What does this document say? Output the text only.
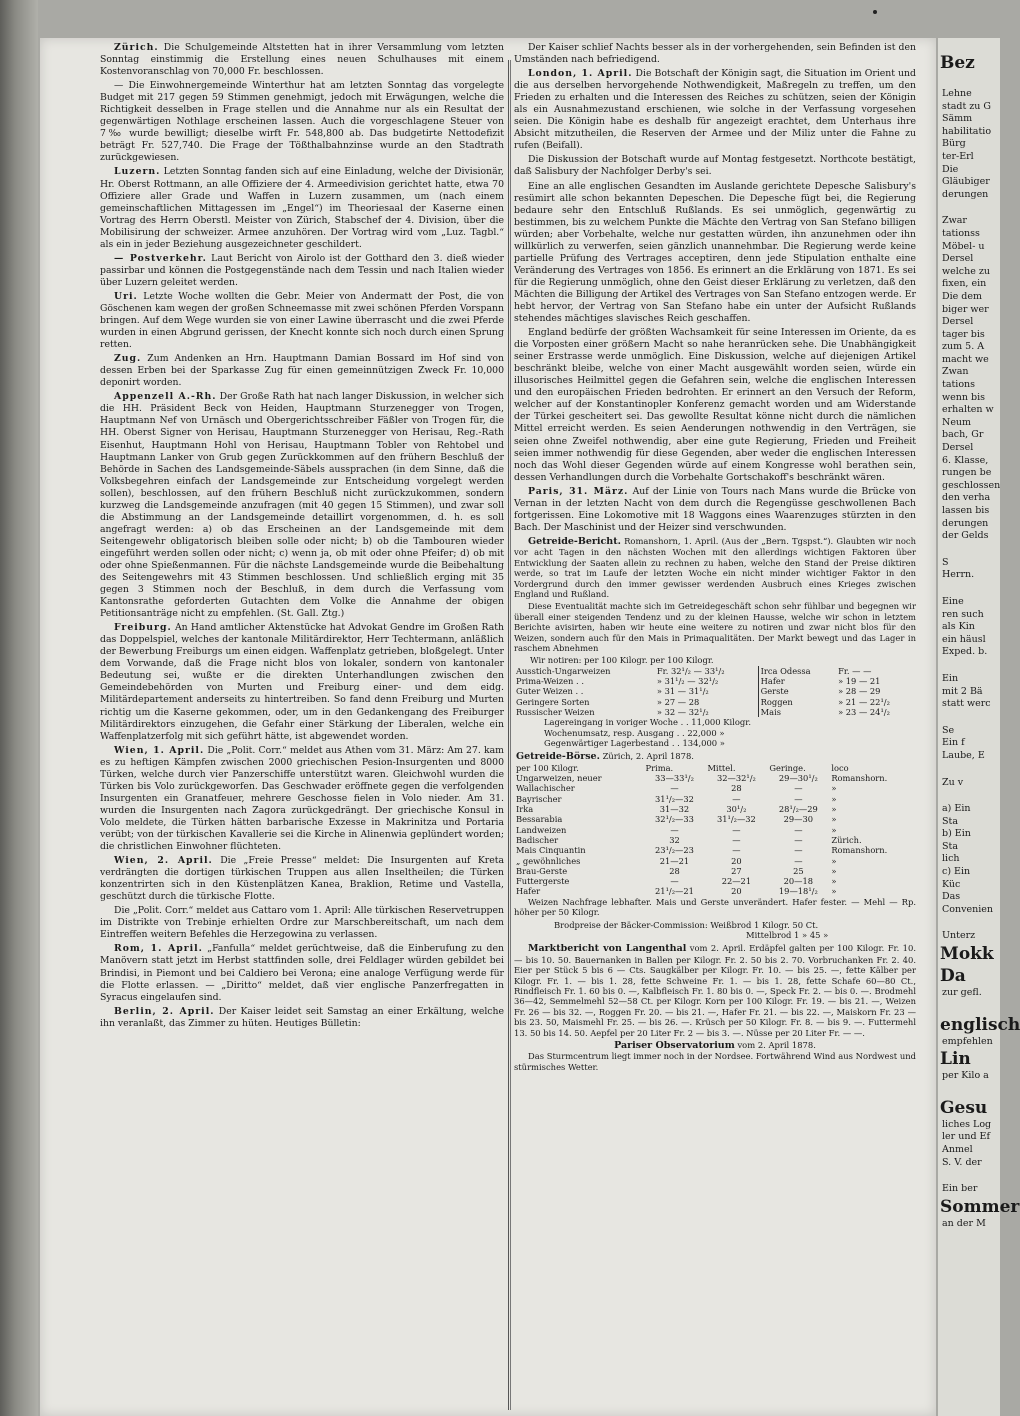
Zürich. Die Schulgemeinde Altstetten hat in ihrer Versammlung vom letzten Sonntag einstimmig die Erstellung eines neuen Schulhauses mit einem Kostenvoranschlag von 70,000 Fr. beschlossen.

— Die Einwohnergemeinde Winterthur hat am letzten Sonntag das vorgelegte Budget mit 217 gegen 59 Stimmen genehmigt, jedoch mit Erwägungen, welche die Richtigkeit desselben in Frage stellen und die Annahme nur als ein Resultat der gegenwärtigen Nothlage erscheinen lassen. Auch die vorgeschlagene Steuer von 7‰ wurde bewilligt; dieselbe wirft Fr. 548,800 ab. Das budgetirte Nettodefizit beträgt Fr. 527,740. Die Frage der Tößthalbahnzinse wurde an den Stadtrath zurückgewiesen.

Luzern. Letzten Sonntag fanden sich auf eine Einladung, welche der Divisionär, Hr. Oberst Rottmann, an alle Offiziere der 4. Armeedivision gerichtet hatte, etwa 70 Offiziere aller Grade und Waffen in Luzern zusammen, um (nach einem gemeinschaftlichen Mittagessen im „Engel“) im Theoriesaal der Kaserne einen Vortrag des Herrn Oberstl. Meister von Zürich, Stabschef der 4. Division, über die Mobilisirung der schweizer. Armee anzuhören. Der Vortrag wird vom „Luz. Tagbl.“ als ein in jeder Beziehung ausgezeichneter geschildert.

— Postverkehr. Laut Bericht von Airolo ist der Gotthard den 3. dieß wieder passirbar und können die Postgegenstände nach dem Tessin und nach Italien wieder über Luzern geleitet werden.

Uri. Letzte Woche wollten die Gebr. Meier von Andermatt der Post, die von Göschenen kam wegen der großen Schneemasse mit zwei schönen Pferden Vorspann bringen. Auf dem Wege wurden sie von einer Lawine überrascht und die zwei Pferde wurden in einen Abgrund gerissen, der Knecht konnte sich noch durch einen Sprung retten.

Zug. Zum Andenken an Hrn. Hauptmann Damian Bossard im Hof sind von dessen Erben bei der Sparkasse Zug für einen gemeinnützigen Zweck Fr. 10,000 deponirt worden.

Appenzell A.-Rh. Der Große Rath hat nach langer Diskussion, in welcher sich die HH. Präsident Beck von Heiden, Hauptmann Sturzenegger von Trogen, Hauptmann Nef von Urnäsch und Obergerichtsschreiber Fäßler von Trogen für, die HH. Oberst Signer von Herisau, Hauptmann Sturzenegger von Herisau, Reg.-Rath Eisenhut, Hauptmann Hohl von Herisau, Hauptmann Tobler von Rehtobel und Hauptmann Lanker von Grub gegen Zurückkommen auf den frühern Beschluß der Behörde in Sachen des Landsgemeinde-Säbels aussprachen (in dem Sinne, daß die Volksbegehren einfach der Landsgemeinde zur Entscheidung vorgelegt werden sollen), beschlossen, auf den frühern Beschluß nicht zurückzukommen, sondern kurzweg die Landsgemeinde anzufragen (mit 40 gegen 15 Stimmen), und zwar soll die Abstimmung an der Landsgemeinde detaillirt vorgenommen, d. h. es soll angefragt werden: a) ob das Erscheinen an der Landsgemeinde mit dem Seitengewehr obligatorisch bleiben solle oder nicht; b) ob die Tambouren wieder eingeführt werden sollen oder nicht; c) wenn ja, ob mit oder ohne Pfeifer; d) ob mit oder ohne Spießenmannen. Für die nächste Landsgemeinde wurde die Beibehaltung des Seitengewehrs mit 43 Stimmen beschlossen. Und schließlich erging mit 35 gegen 3 Stimmen noch der Beschluß, in dem durch die Verfassung vom Kantonsrathe geforderten Gutachten dem Volke die Annahme der obigen Petitionsanträge nicht zu empfehlen. (St. Gall. Ztg.)

Freiburg. An Hand amtlicher Aktenstücke hat Advokat Gendre im Großen Rath das Doppelspiel, welches der kantonale Militärdirektor, Herr Techtermann, anläßlich der Bewerbung Freiburgs um einen eidgen. Waffenplatz getrieben, bloßgelegt. Unter dem Vorwande, daß die Frage nicht blos von lokaler, sondern von kantonaler Bedeutung sei, wußte er die direkten Unterhandlungen zwischen den Gemeindebehörden von Murten und Freiburg einer- und dem eidg. Militärdepartement anderseits zu hintertreiben. So fand denn Freiburg und Murten richtig um die Kaserne gekommen, oder, um in den Gedankengang des Freiburger Militärdirektors einzugehen, die Gefahr einer Stärkung der Liberalen, welche ein Waffenplatzerfolg mit sich geführt hätte, ist abgewendet worden.

Wien, 1. April. Die „Polit. Corr.“ meldet aus Athen vom 31. März: Am 27. kam es zu heftigen Kämpfen zwischen 2000 griechischen Pesion-Insurgenten und 8000 Türken, welche durch vier Panzerschiffe unterstützt waren. Gleichwohl wurden die Türken bis Volo zurückgeworfen. Das Geschwader eröffnete gegen die verfolgenden Insurgenten ein Granatfeuer, mehrere Geschosse fielen in Volo nieder. Am 31. wurden die Insurgenten nach Zagora zurückgedrängt. Der griechische Konsul in Volo meldete, die Türken hätten barbarische Exzesse in Makrinitza und Portaria verübt; von der türkischen Kavallerie sei die Kirche in Alinenwia geplündert worden; die christlichen Einwohner flüchteten.

Wien, 2. April. Die „Freie Presse“ meldet: Die Insurgenten auf Kreta verdrängten die dortigen türkischen Truppen aus allen Inseltheilen; die Türken konzentrirten sich in den Küstenplätzen Kanea, Braklion, Retime und Vastella, geschützt durch die türkische Flotte.

Die „Polit. Corr.“ meldet aus Cattaro vom 1. April: Alle türkischen Reservetruppen im Distrikte von Trebinje erhielten Ordre zur Marschbereitschaft, um nach dem Eintreffen weitern Befehles die Herzegowina zu verlassen.

Rom, 1. April. „Fanfulla“ meldet gerüchtweise, daß die Einberufung zu den Manövern statt jetzt im Herbst stattfinden solle, drei Feldlager würden gebildet bei Brindisi, in Piemont und bei Caldiero bei Verona; eine analoge Verfügung werde für die Flotte erlassen. — „Diritto“ meldet, daß vier englische Panzerfregatten in Syracus eingelaufen sind.

Berlin, 2. April. Der Kaiser leidet seit Samstag an einer Erkältung, welche ihn veranlaßt, das Zimmer zu hüten. Heutiges Bülletin:

Der Kaiser schlief Nachts besser als in der vorhergehenden, sein Befinden ist den Umständen nach befriedigend.

London, 1. April. Die Botschaft der Königin sagt, die Situation im Orient und die aus derselben hervorgehende Nothwendigkeit, Maßregeln zu treffen, um den Frieden zu erhalten und die Interessen des Reiches zu schützen, seien der Königin als ein Ausnahmezustand erschienen, wie solche in der Verfassung vorgesehen seien. Die Königin habe es deshalb für angezeigt erachtet, dem Unterhaus ihre Absicht mitzutheilen, die Reserven der Armee und der Miliz unter die Fahne zu rufen (Beifall).

Die Diskussion der Botschaft wurde auf Montag festgesetzt. Northcote bestätigt, daß Salisbury der Nachfolger Derby's sei.

Eine an alle englischen Gesandten im Auslande gerichtete Depesche Salisbury's resümirt alle schon bekannten Depeschen. Die Depesche fügt bei, die Regierung bedaure sehr den Entschluß Rußlands. Es sei unmöglich, gegenwärtig zu bestimmen, bis zu welchem Punkte die Mächte den Vertrag von San Stefano billigen würden; aber Vorbehalte, welche nur gestatten würden, ihn anzunehmen oder ihn willkürlich zu verwerfen, seien gänzlich unannehmbar. Die Regierung werde keine partielle Prüfung des Vertrages acceptiren, denn jede Stipulation enthalte eine Veränderung des Vertrages von 1856. Es erinnert an die Erklärung von 1871. Es sei für die Regierung unmöglich, ohne den Geist dieser Erklärung zu verletzen, daß den Mächten die Billigung der Artikel des Vertrages von San Stefano entzogen werde. Er hebt hervor, der Vertrag von San Stefano habe ein unter der Aufsicht Rußlands stehendes mächtiges slavisches Reich geschaffen.

England bedürfe der größten Wachsamkeit für seine Interessen im Oriente, da es die Vorposten einer größern Macht so nahe heranrücken sehe. Die Unabhängigkeit seiner Erstrasse werde unmöglich. Eine Diskussion, welche auf diejenigen Artikel beschränkt bleibe, welche von einer Macht ausgewählt worden seien, würde ein illusorisches Heilmittel gegen die Gefahren sein, welche die englischen Interessen und den europäischen Frieden bedrohten. Er erinnert an den Versuch der Reform, welcher auf der Konstantinopler Konferenz gemacht worden und am Widerstande der Türkei gescheitert sei. Das gewollte Resultat könne nicht durch die nämlichen Mittel erreicht werden. Es seien Aenderungen nothwendig in den Verträgen, sie seien ohne Zweifel nothwendig, aber eine gute Regierung, Frieden und Freiheit seien immer nothwendig für diese Gegenden, aber weder die englischen Interessen noch das Wohl dieser Gegenden würde auf einem Kongresse wohl berathen sein, dessen Verhandlungen durch die Vorbehalte Gortschakoff's beschränkt wären.

Paris, 31. März. Auf der Linie von Tours nach Mans wurde die Brücke von Vernan in der letzten Nacht von dem durch die Regengüsse geschwollenen Bach fortgerissen. Eine Lokomotive mit 18 Waggons eines Waarenzuges stürzten in den Bach. Der Maschinist und der Heizer sind verschwunden.

Getreide-Bericht. Romanshorn, 1. April. (Aus der „Bern. Tgspst.“). Glaubten wir noch vor acht Tagen in den nächsten Wochen mit den allerdings wichtigen Faktoren über Entwicklung der Saaten allein zu rechnen zu haben, welche den Stand der Preise diktiren werde, so trat im Laufe der letzten Woche ein nicht minder wichtiger Faktor in den Vordergrund durch den immer gewisser werdenden Ausbruch eines Krieges zwischen England und Rußland.

Diese Eventualität machte sich im Getreidegeschäft schon sehr fühlbar und begegnen wir überall einer steigenden Tendenz und zu der kleinen Hausse, welche wir schon in letztem Berichte avisirten, haben wir heute eine weitere zu notiren und zwar nicht blos für den Weizen, sondern auch für den Mais in Primaqualitäten. Der Markt bewegt und das Lager in raschem Abnehmen

Wir notiren: per 100 Kilogr. per 100 Kilogr.
Ausstich-Ungarweizen	Fr. 32¹/₂ — 33¹/₂	Irca Odessa	Fr. — —
Prima-Weizen . .	» 31¹/₂ — 32¹/₂	Hafer	» 19 — 21
Guter Weizen . .	» 31 — 31¹/₂	Gerste	» 28 — 29
Geringere Sorten	» 27 — 28	Roggen	» 21 — 22¹/₂
Russischer Weizen	» 32 — 32¹/₂	Mais	» 23 — 24¹/₂
Lagereingang in voriger Woche . . 11,000 Kilogr.
Wochenumsatz, resp. Ausgang . . 22,000 »
Gegenwärtiger Lagerbestand . . 134,000 »
Getreide-Börse. Zürich, 2. April 1878.
per 100 Kilogr.	Prima.	Mittel.	Geringe.	loco
Ungarweizen, neuer	33—33¹/₂	32—32¹/₂	29—30¹/₂	Romanshorn.
Wallachischer	—	28	—	»
Bayrischer	31¹/₂—32	—	—	»
Irka	31—32	30¹/₂	28¹/₂—29	»
Bessarabia	32¹/₂—33	31¹/₂—32	29—30	»
Landweizen	—	—	—	»
Badischer	32	—	—	Zürich.
Mais Cinquantin	23¹/₂—23	—	—	Romanshorn.
„ gewöhnliches	21—21	20	—	»
Brau-Gerste	28	27	25	»
Futtergerste	—	22—21	20—18	»
Hafer	21¹/₂—21	20	19—18¹/₂	»

Weizen Nachfrage lebhafter. Mais und Gerste unverändert. Hafer fester. — Mehl — Rp. höher per 50 Kilogr.

Brodpreise der Bäcker-Commission: Weißbrod 1 Kilogr. 50 Ct.
Mittelbrod 1 » 45 »

Marktbericht von Langenthal vom 2. April. Erdäpfel galten per 100 Kilogr. Fr. 10. — bis 10. 50. Bauernanken in Ballen per Kilogr. Fr. 2. 50 bis 2. 70. Vorbruchanken Fr. 2. 40. Eier per Stück 5 bis 6 — Cts. Saugkälber per Kilogr. Fr. 10. — bis 25. —, fette Kälber per Kilogr. Fr. 1. — bis 1. 28, fette Schweine Fr. 1. — bis 1. 28, fette Schafe 60—80 Ct., Rindfleisch Fr. 1. 60 bis 0. —, Kalbfleisch Fr. 1. 80 bis 0. —, Speck Fr. 2. — bis 0. —. Brodmehl 36—42, Semmelmehl 52—58 Ct. per Kilogr. Korn per 100 Kilogr. Fr. 19. — bis 21. —, Weizen Fr. 26 — bis 32. —, Roggen Fr. 20. — bis 21. —, Hafer Fr. 21. — bis 22. —, Maiskorn Fr. 23 — bis 23. 50, Maismehl Fr. 25. — bis 26. —. Krüsch per 50 Kilogr. Fr. 8. — bis 9. —. Futtermehl 13. 50 bis 14. 50. Aepfel per 20 Liter Fr. 2 — bis 3. —. Nüsse per 20 Liter Fr. — —.

Pariser Observatorium vom 2. April 1878.

Das Sturmcentrum liegt immer noch in der Nordsee. Fortwährend Wind aus Nordwest und stürmisches Wetter.

Bez
Lehne
stadt zu G
Sämm
habilitatio
Bürg
ter-Erl
Die
Gläubiger
derungen
Zwar
tationss
Möbel- u
Dersel
welche zu
fixen, ein
Die dem
biger wer
Dersel
tager bis
zum 5. A
macht we
Zwan
tations
wenn bis
erhalten w
Neum
bach, Gr
Dersel
6. Klasse,
rungen be
geschlossen
den verha
lassen bis
derungen
der Gelds
S
Herrn.
Eine
ren such
als Kin
ein häusl
Exped. b.
Ein
mit 2 Bä
statt werc
Se
Ein f
Laube, E
Zu v
a) Ein
Sta
b) Ein
Sta
lich
c) Ein
Küc
Das
Convenien
Unterz
Mokk
Da
zur gefl.
englisch
empfehlen
Lin
per Kilo a
Gesu
liches Log
ler und Ef
Anmel
S. V. der
Ein ber
Sommer
an der M
